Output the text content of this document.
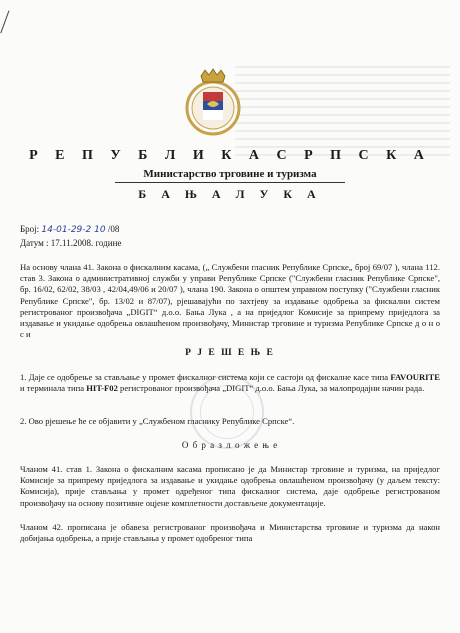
Р Е П У Б Л И К А С Р П С К А
Министарство трговине и туризма
Б А Њ А Л У К А
Број: 14-01-29-2 10 /08
Датум : 17.11.2008. године
На основу члана 41. Закона о фискалним касама, („ Службени гласник Републике Српске„ број 69/07 ), члана 112. став 3. Закона о административној служби у управи Републике Српске ("Службени гласник Републике Српске", бр. 16/02, 62/02, 38/03 , 42/04,49/06 и 20/07 ), члана 190. Закона о општем управном поступку ("Службени гласник Републике Српске", бр. 13/02 и 87/07), рјешавајући по захтјеву за издавање одобрења за фискални систем регистрованог произвођача „DIGIT“ д.о.о. Бања Лука , а на приједлог Комисије за припрему приједлога за издавање и укидање одобрења овлашћеном произвођачу, Министар трговине и туризма Републике Српске д о н о с и
Р Ј Е Ш Е Њ Е
1. Даје се одобрење за стављање у промет фискалног система који се састоји од фискалне касе типа FAVOURITE и терминала типа HIT-F02 регистрованог произвођача „DIGIT“ д.о.о. Бања Лука, за малопродајни начин рада.
2. Ово рјешење ће се објавити у „Службеном гласнику Републике Српске“.
О б р а з л о ж е њ е
Чланом 41. став 1. Закона о фискалним касама прописано је да Министар трговине и туризма, на приједлог Комисије за припрему приједлога за издавање и укидање одобрења овлашћеном произвођачу (у даљем тексту: Комисија), прије стављања у промет одређеног типа фискалног система, даје одобрење регистрованом произвођачу на основу позитивне оцјене комплетности достављене документације.
Чланом 42. прописана је обавеза регистрованог произвођача и Министарства трговине и туризма да након добијања одобрења, а прије стављања у промет одобреног типа
